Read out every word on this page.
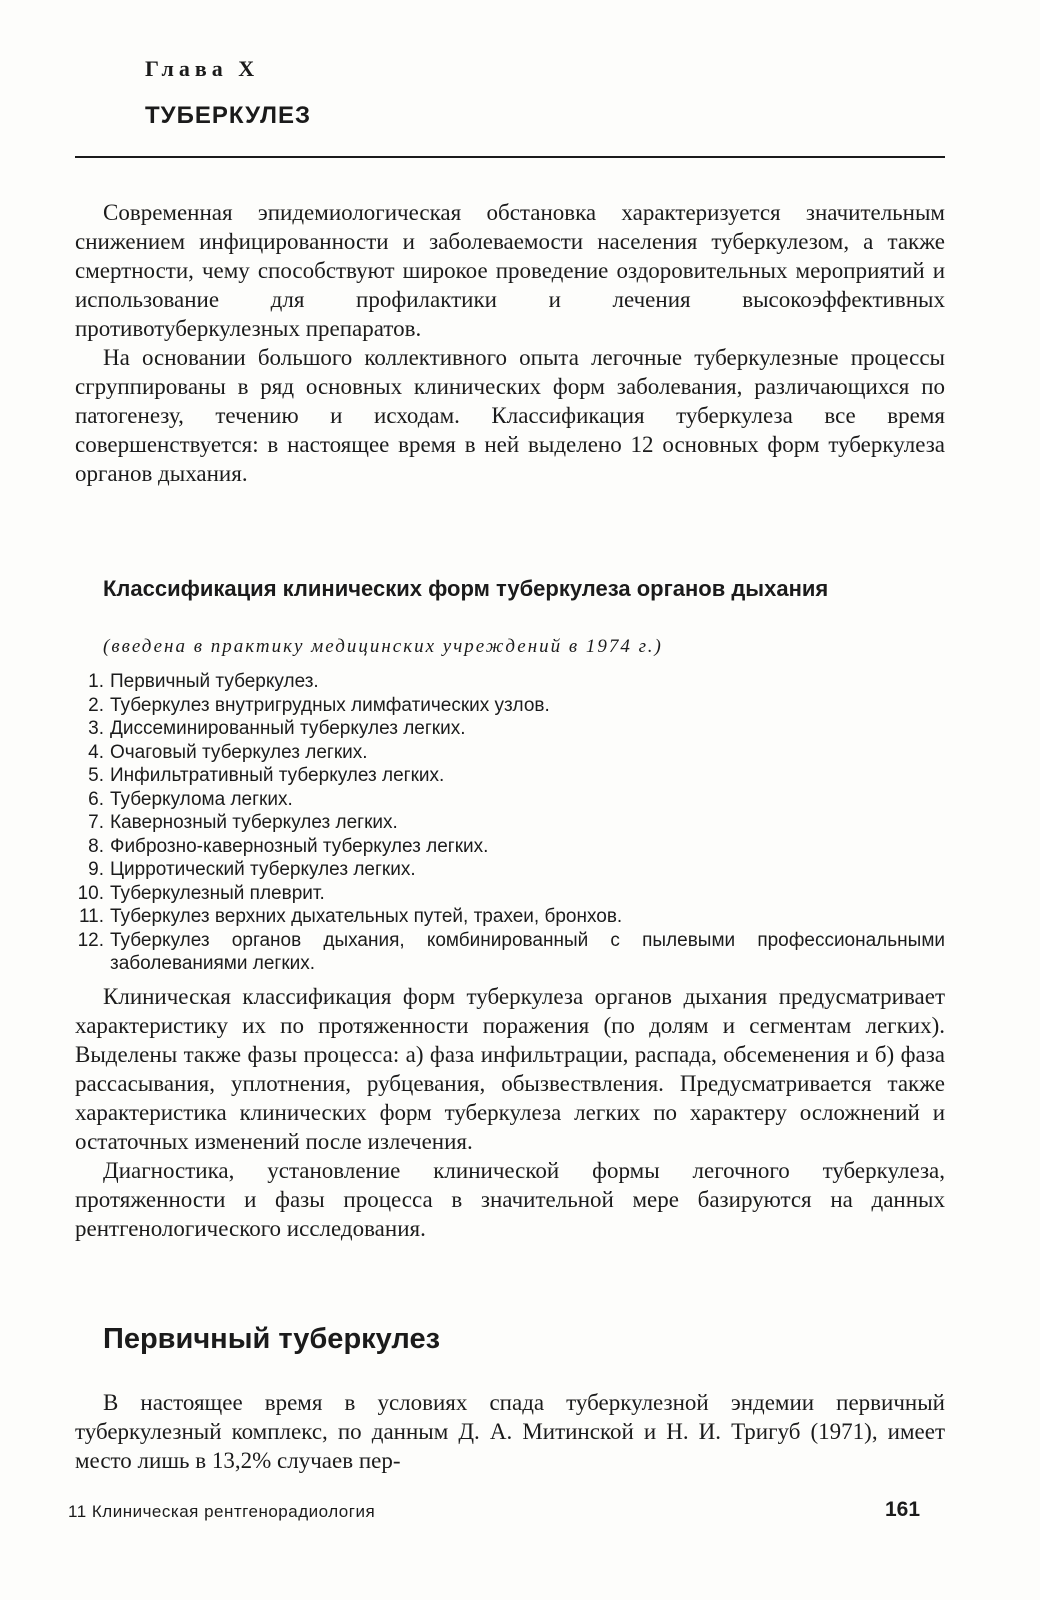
Глава X

ТУБЕРКУЛЕЗ

Современная эпидемиологическая обстановка характеризуется значительным снижением инфицированности и заболеваемости населения туберкулезом, а также смертности, чему способствуют широкое проведение оздоровительных мероприятий и использование для профилактики и лечения высокоэффективных противотуберкулезных препаратов.

На основании большого коллективного опыта легочные туберкулезные процессы сгруппированы в ряд основных клинических форм заболевания, различающихся по патогенезу, течению и исходам. Классификация туберкулеза все время совершенствуется: в настоящее время в ней выделено 12 основных форм туберкулеза органов дыхания.

Классификация клинических форм туберкулеза органов дыхания

(введена в практику медицинских учреждений в 1974 г.)

1. Первичный туберкулез.
2. Туберкулез внутригрудных лимфатических узлов.
3. Диссеминированный туберкулез легких.
4. Очаговый туберкулез легких.
5. Инфильтративный туберкулез легких.
6. Туберкулома легких.
7. Кавернозный туберкулез легких.
8. Фиброзно-кавернозный туберкулез легких.
9. Цирротический туберкулез легких.
10. Туберкулезный плеврит.
11. Туберкулез верхних дыхательных путей, трахеи, бронхов.
12. Туберкулез органов дыхания, комбинированный с пылевыми профессиональными заболеваниями легких.

Клиническая классификация форм туберкулеза органов дыхания предусматривает характеристику их по протяженности поражения (по долям и сегментам легких). Выделены также фазы процесса: а) фаза инфильтрации, распада, обсеменения и б) фаза рассасывания, уплотнения, рубцевания, обызвествления. Предусматривается также характеристика клинических форм туберкулеза легких по характеру осложнений и остаточных изменений после излечения.

Диагностика, установление клинической формы легочного туберкулеза, протяженности и фазы процесса в значительной мере базируются на данных рентгенологического исследования.

Первичный туберкулез

В настоящее время в условиях спада туберкулезной эндемии первичный туберкулезный комплекс, по данным Д. А. Митинской и Н. И. Тригуб (1971), имеет место лишь в 13,2% случаев пер-

11 Клиническая рентгенорадиология	161
